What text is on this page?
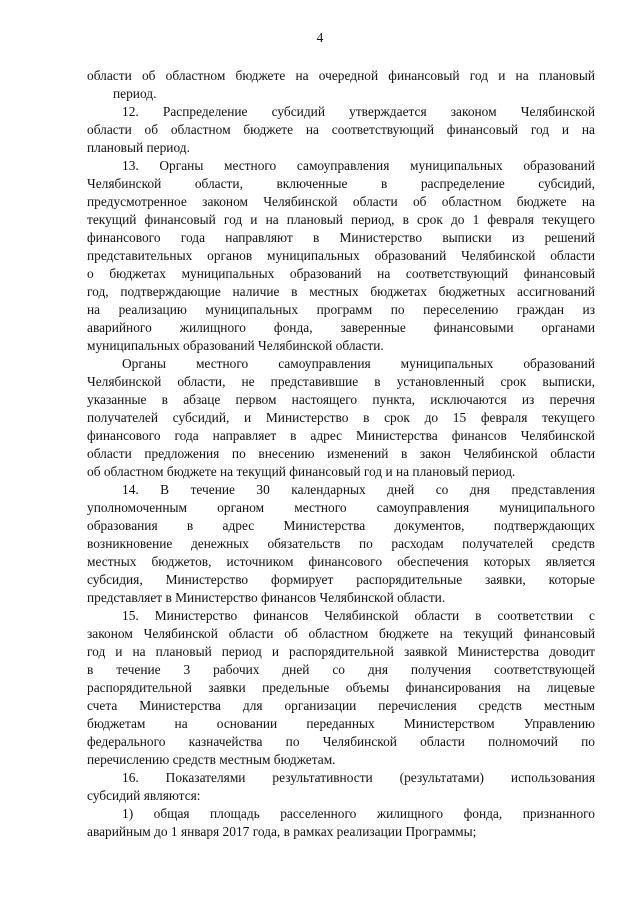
4

области об областном бюджете на очередной финансовый год и на плановый

период.

12. Распределение субсидий утверждается законом Челябинской

области об областном бюджете на соответствующий финансовый год и на

плановый период.

13. Органы местного самоуправления муниципальных образований

Челябинской области, включенные в распределение субсидий,

предусмотренное законом Челябинской области об областном бюджете на

текущий финансовый год и на плановый период, в срок до 1 февраля текущего

финансового года направляют в Министерство выписки из решений

представительных органов муниципальных образований Челябинской области

о бюджетах муниципальных образований на соответствующий финансовый

год, подтверждающие наличие в местных бюджетах бюджетных ассигнований

на реализацию муниципальных программ по переселению граждан из

аварийного жилищного фонда, заверенные финансовыми органами

муниципальных образований Челябинской области.

Органы местного самоуправления муниципальных образований

Челябинской области, не представившие в установленный срок выписки,

указанные в абзаце первом настоящего пункта, исключаются из перечня

получателей субсидий, и Министерство в срок до 15 февраля текущего

финансового года направляет в адрес Министерства финансов Челябинской

области предложения по внесению изменений в закон Челябинской области

об областном бюджете на текущий финансовый год и на плановый период.

14. В течение 30 календарных дней со дня представления

уполномоченным органом местного самоуправления муниципального

образования в адрес Министерства документов, подтверждающих

возникновение денежных обязательств по расходам получателей средств

местных бюджетов, источником финансового обеспечения которых является

субсидия, Министерство формирует распорядительные заявки, которые

представляет в Министерство финансов Челябинской области.

15. Министерство финансов Челябинской области в соответствии с

законом Челябинской области об областном бюджете на текущий финансовый

год и на плановый период и распорядительной заявкой Министерства доводит

в течение 3 рабочих дней со дня получения соответствующей

распорядительной заявки предельные объемы финансирования на лицевые

счета Министерства для организации перечисления средств местным

бюджетам на основании переданных Министерством Управлению

федерального казначейства по Челябинской области полномочий по

перечислению средств местным бюджетам.

16. Показателями результативности (результатами) использования

субсидий являются:

1) общая площадь расселенного жилищного фонда, признанного

аварийным до 1 января 2017 года, в рамках реализации Программы;
